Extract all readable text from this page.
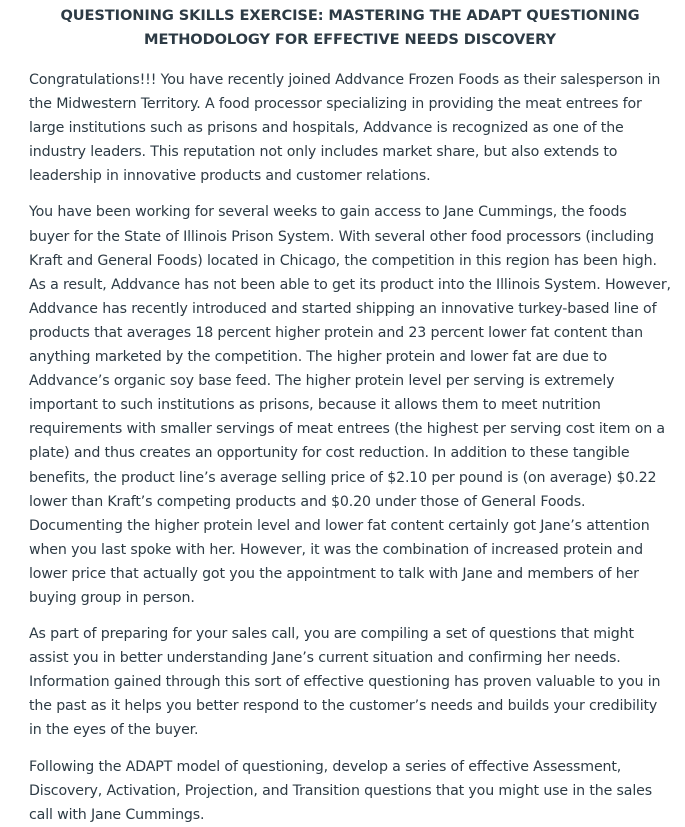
QUESTIONING SKILLS EXERCISE: MASTERING THE ADAPT QUESTIONING
METHODOLOGY FOR EFFECTIVE NEEDS DISCOVERY

Congratulations!!! You have recently joined Addvance Frozen Foods as their salesperson in the Midwestern Territory. A food processor specializing in providing the meat entrees for large institutions such as prisons and hospitals, Addvance is recognized as one of the industry leaders. This reputation not only includes market share, but also extends to leadership in innovative products and customer relations.

You have been working for several weeks to gain access to Jane Cummings, the foods buyer for the State of Illinois Prison System. With several other food processors (including Kraft and General Foods) located in Chicago, the competition in this region has been high. As a result, Addvance has not been able to get its product into the Illinois System. However, Addvance has recently introduced and started shipping an innovative turkey-based line of products that averages 18 percent higher protein and 23 percent lower fat content than anything marketed by the competition. The higher protein and lower fat are due to Addvance’s organic soy base feed. The higher protein level per serving is extremely important to such institutions as prisons, because it allows them to meet nutrition requirements with smaller servings of meat entrees (the highest per serving cost item on a plate) and thus creates an opportunity for cost reduction. In addition to these tangible benefits, the product line’s average selling price of $2.10 per pound is (on average) $0.22 lower than Kraft’s competing products and $0.20 under those of General Foods. Documenting the higher protein level and lower fat content certainly got Jane’s attention when you last spoke with her. However, it was the combination of increased protein and lower price that actually got you the appointment to talk with Jane and members of her buying group in person.

As part of preparing for your sales call, you are compiling a set of questions that might assist you in better understanding Jane’s current situation and confirming her needs. Information gained through this sort of effective questioning has proven valuable to you in the past as it helps you better respond to the customer’s needs and builds your credibility in the eyes of the buyer.

Following the ADAPT model of questioning, develop a series of effective Assessment, Discovery, Activation, Projection, and Transition questions that you might use in the sales call with Jane Cummings.
